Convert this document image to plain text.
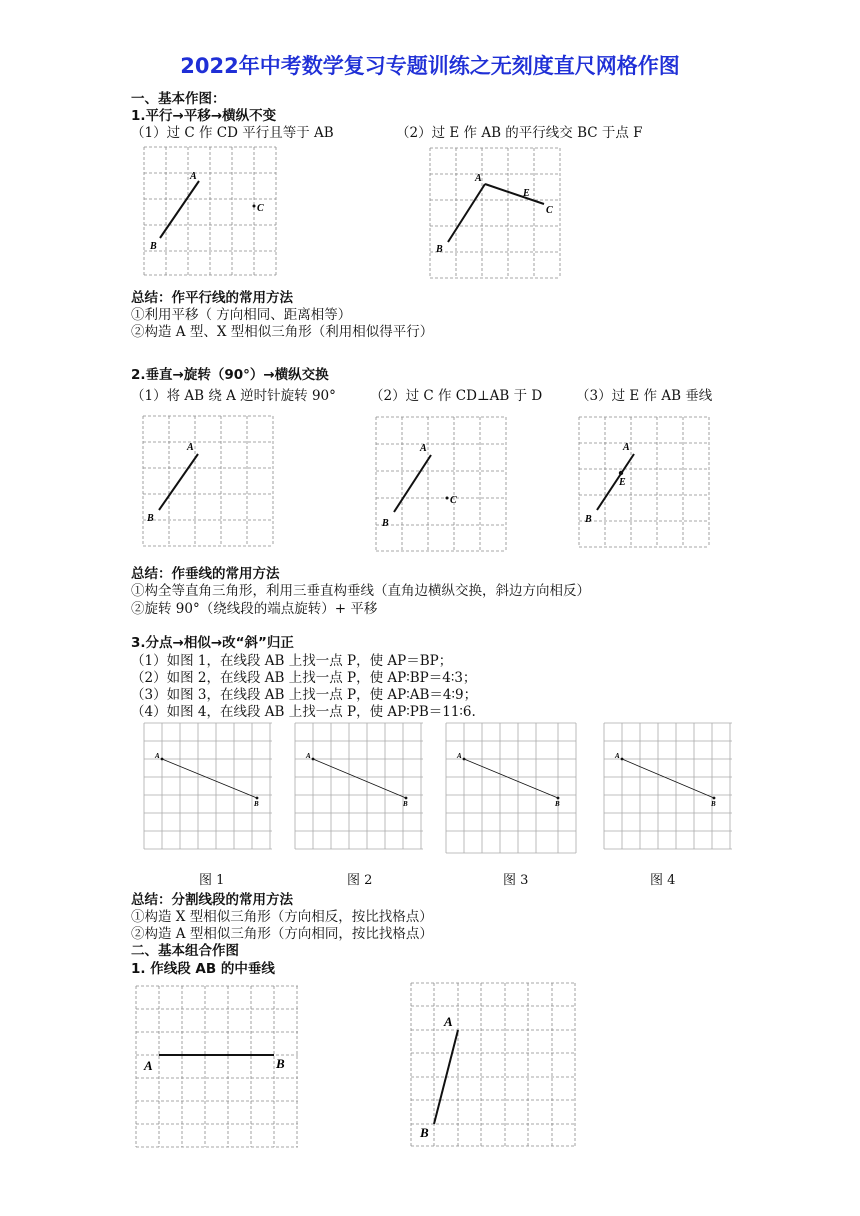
2022年中考数学复习专题训练之无刻度直尺网格作图
一、基本作图：
1.平行→平移→横纵不变
（1）过 C 作 CD 平行且等于 AB	（2）过 E 作 AB 的平行线交 BC 于点 F
A
B
C
A
B
C
E
总结：作平行线的常用方法
①利用平移（ 方向相同、距离相等）
②构造 A 型、X 型相似三角形（利用相似得平行）
2.垂直→旋转（90°）→横纵交换
（1）将 AB 绕 A 逆时针旋转 90°	（2）过 C 作 CD⊥AB 于 D	（3）过 E 作 AB 垂线
A
B
A
B
C
A
B
E
总结：作垂线的常用方法
①构全等直角三角形，利用三垂直构垂线（直角边横纵交换，斜边方向相反）
②旋转 90°（绕线段的端点旋转）+ 平移
3.分点→相似→改“斜”归正
（1）如图 1，在线段 AB 上找一点 P，使 AP＝BP；
（2）如图 2，在线段 AB 上找一点 P，使 AP∶BP＝4∶3；
（3）如图 3，在线段 AB 上找一点 P，使 AP∶AB＝4∶9；
（4）如图 4，在线段 AB 上找一点 P，使 AP∶PB＝11∶6.
A
B
A
B
A
B
A
B
图 1	图 2	图 3	图 4
总结：分割线段的常用方法
①构造 X 型相似三角形（方向相反，按比找格点）
②构造 A 型相似三角形（方向相同，按比找格点）
二、基本组合作图
1. 作线段 AB 的中垂线
A	B
A
B
